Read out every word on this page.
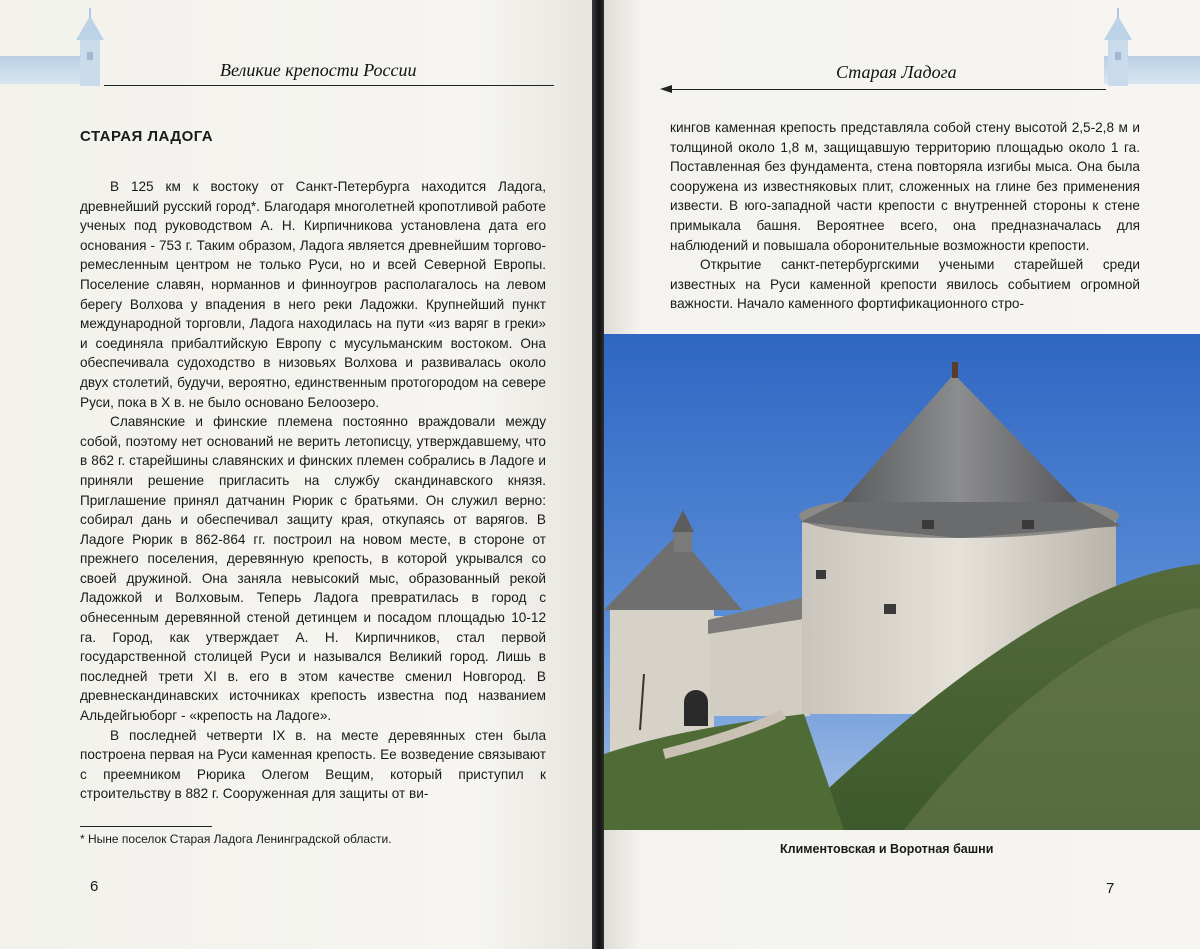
Великие крепости России
СТАРАЯ ЛАДОГА

В 125 км к востоку от Санкт-Петербурга находится Ладога, древнейший русский город*. Благодаря многолетней кропотливой работе ученых под руководством А. Н. Кирпичникова установлена дата его основания - 753 г. Таким образом, Ладога является древнейшим торгово-ремесленным центром не только Руси, но и всей Северной Европы. Поселение славян, норманнов и финноугров располагалось на левом берегу Волхова у впадения в него реки Ладожки. Крупнейший пункт международной торговли, Ладога находилась на пути «из варяг в греки» и соединяла прибалтийскую Европу с мусульманским востоком. Она обеспечивала судоходство в низовьях Волхова и развивалась около двух столетий, будучи, вероятно, единственным протогородом на севере Руси, пока в X в. не было основано Белоозеро.

Славянские и финские племена постоянно враждовали между собой, поэтому нет оснований не верить летописцу, утверждавшему, что в 862 г. старейшины славянских и финских племен собрались в Ладоге и приняли решение пригласить на службу скандинавского князя. Приглашение принял датчанин Рюрик с братьями. Он служил верно: собирал дань и обеспечивал защиту края, откупаясь от варягов. В Ладоге Рюрик в 862-864 гг. построил на новом месте, в стороне от прежнего поселения, деревянную крепость, в которой укрывался со своей дружиной. Она заняла невысокий мыс, образованный рекой Ладожкой и Волховым. Теперь Ладога превратилась в город с обнесенным деревянной стеной детинцем и посадом площадью 10-12 га. Город, как утверждает А. Н. Кирпичников, стал первой государственной столицей Руси и назывался Великий город. Лишь в последней трети XI в. его в этом качестве сменил Новгород. В древнескандинавских источниках крепость известна под названием Альдейгьюборг - «крепость на Ладоге».

В последней четверти IX в. на месте деревянных стен была построена первая на Руси каменная крепость. Ее возведение связывают с преемником Рюрика Олегом Вещим, который приступил к строительству в 882 г. Сооруженная для защиты от ви-

* Ныне поселок Старая Ладога Ленинградской области.
6
Старая Ладога

кингов каменная крепость представляла собой стену высотой 2,5-2,8 м и толщиной около 1,8 м, защищавшую территорию площадью около 1 га. Поставленная без фундамента, стена повторяла изгибы мыса. Она была сооружена из известняковых плит, сложенных на глине без применения извести. В юго-западной части крепости с внутренней стороны к стене примыкала башня. Вероятнее всего, она предназначалась для наблюдений и повышала оборонительные возможности крепости.

Открытие санкт-петербургскими учеными старейшей среди известных на Руси каменной крепости явилось событием огромной важности. Начало каменного фортификационного стро-

Климентовская и Воротная башни
7
